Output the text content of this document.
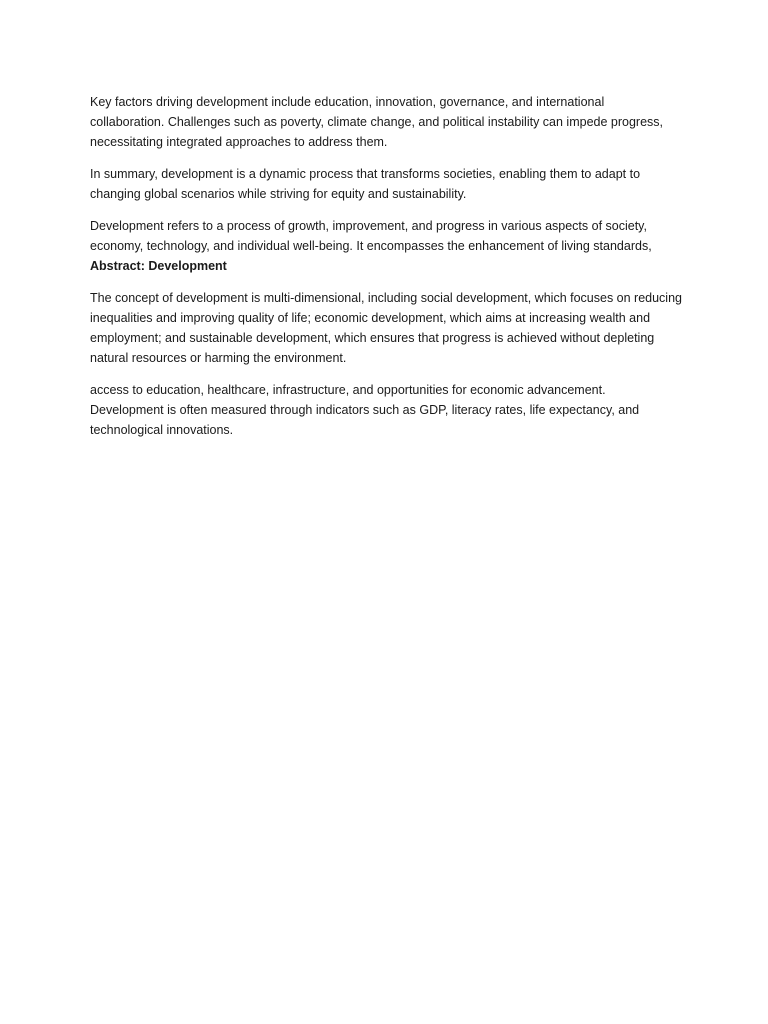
Key factors driving development include education, innovation, governance, and international collaboration. Challenges such as poverty, climate change, and political instability can impede progress, necessitating integrated approaches to address them.

In summary, development is a dynamic process that transforms societies, enabling them to adapt to changing global scenarios while striving for equity and sustainability.

Development refers to a process of growth, improvement, and progress in various aspects of society, economy, technology, and individual well-being. It encompasses the enhancement of living standards,

Abstract: Development

The concept of development is multi-dimensional, including social development, which focuses on reducing inequalities and improving quality of life; economic development, which aims at increasing wealth and employment; and sustainable development, which ensures that progress is achieved without depleting natural resources or harming the environment.

access to education, healthcare, infrastructure, and opportunities for economic advancement. Development is often measured through indicators such as GDP, literacy rates, life expectancy, and technological innovations.
